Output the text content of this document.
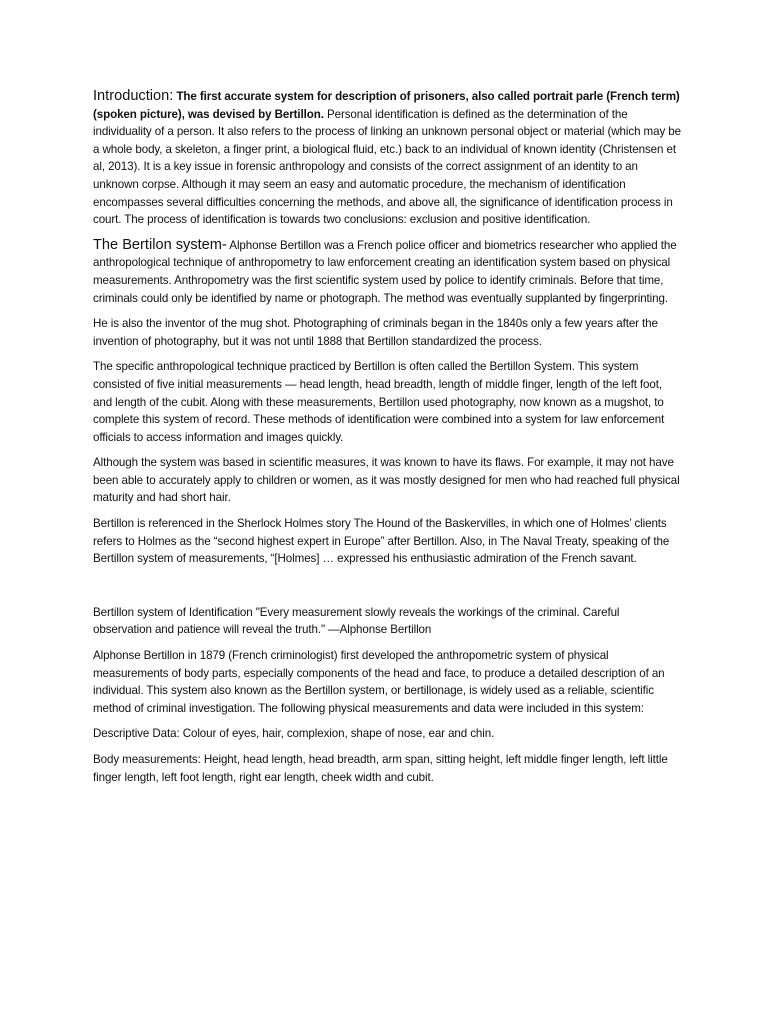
Introduction: The first accurate system for description of prisoners, also called portrait parle (French term) (spoken picture), was devised by Bertillon. Personal identification is defined as the determination of the individuality of a person. It also refers to the process of linking an unknown personal object or material (which may be a whole body, a skeleton, a finger print, a biological fluid, etc.) back to an individual of known identity (Christensen et al, 2013). It is a key issue in forensic anthropology and consists of the correct assignment of an identity to an unknown corpse. Although it may seem an easy and automatic procedure, the mechanism of identification encompasses several difficulties concerning the methods, and above all, the significance of identification process in court. The process of identification is towards two conclusions: exclusion and positive identification.

The Bertilon system- Alphonse Bertillon was a French police officer and biometrics researcher who applied the anthropological technique of anthropometry to law enforcement creating an identification system based on physical measurements. Anthropometry was the first scientific system used by police to identify criminals. Before that time, criminals could only be identified by name or photograph. The method was eventually supplanted by fingerprinting.

He is also the inventor of the mug shot. Photographing of criminals began in the 1840s only a few years after the invention of photography, but it was not until 1888 that Bertillon standardized the process.

The specific anthropological technique practiced by Bertillon is often called the Bertillon System. This system consisted of five initial measurements — head length, head breadth, length of middle finger, length of the left foot, and length of the cubit. Along with these measurements, Bertillon used photography, now known as a mugshot, to complete this system of record. These methods of identification were combined into a system for law enforcement officials to access information and images quickly.

Although the system was based in scientific measures, it was known to have its flaws. For example, it may not have been able to accurately apply to children or women, as it was mostly designed for men who had reached full physical maturity and had short hair.

Bertillon is referenced in the Sherlock Holmes story The Hound of the Baskervilles, in which one of Holmes’ clients refers to Holmes as the “second highest expert in Europe” after Bertillon. Also, in The Naval Treaty, speaking of the Bertillon system of measurements, “[Holmes] … expressed his enthusiastic admiration of the French savant.

Bertillon system of Identification "Every measurement slowly reveals the workings of the criminal. Careful observation and patience will reveal the truth." —Alphonse Bertillon

Alphonse Bertillon in 1879 (French criminologist) first developed the anthropometric system of physical measurements of body parts, especially components of the head and face, to produce a detailed description of an individual. This system also known as the Bertillon system, or bertillonage, is widely used as a reliable, scientific method of criminal investigation. The following physical measurements and data were included in this system:

Descriptive Data: Colour of eyes, hair, complexion, shape of nose, ear and chin.

Body measurements: Height, head length, head breadth, arm span, sitting height, left middle finger length, left little finger length, left foot length, right ear length, cheek width and cubit.
